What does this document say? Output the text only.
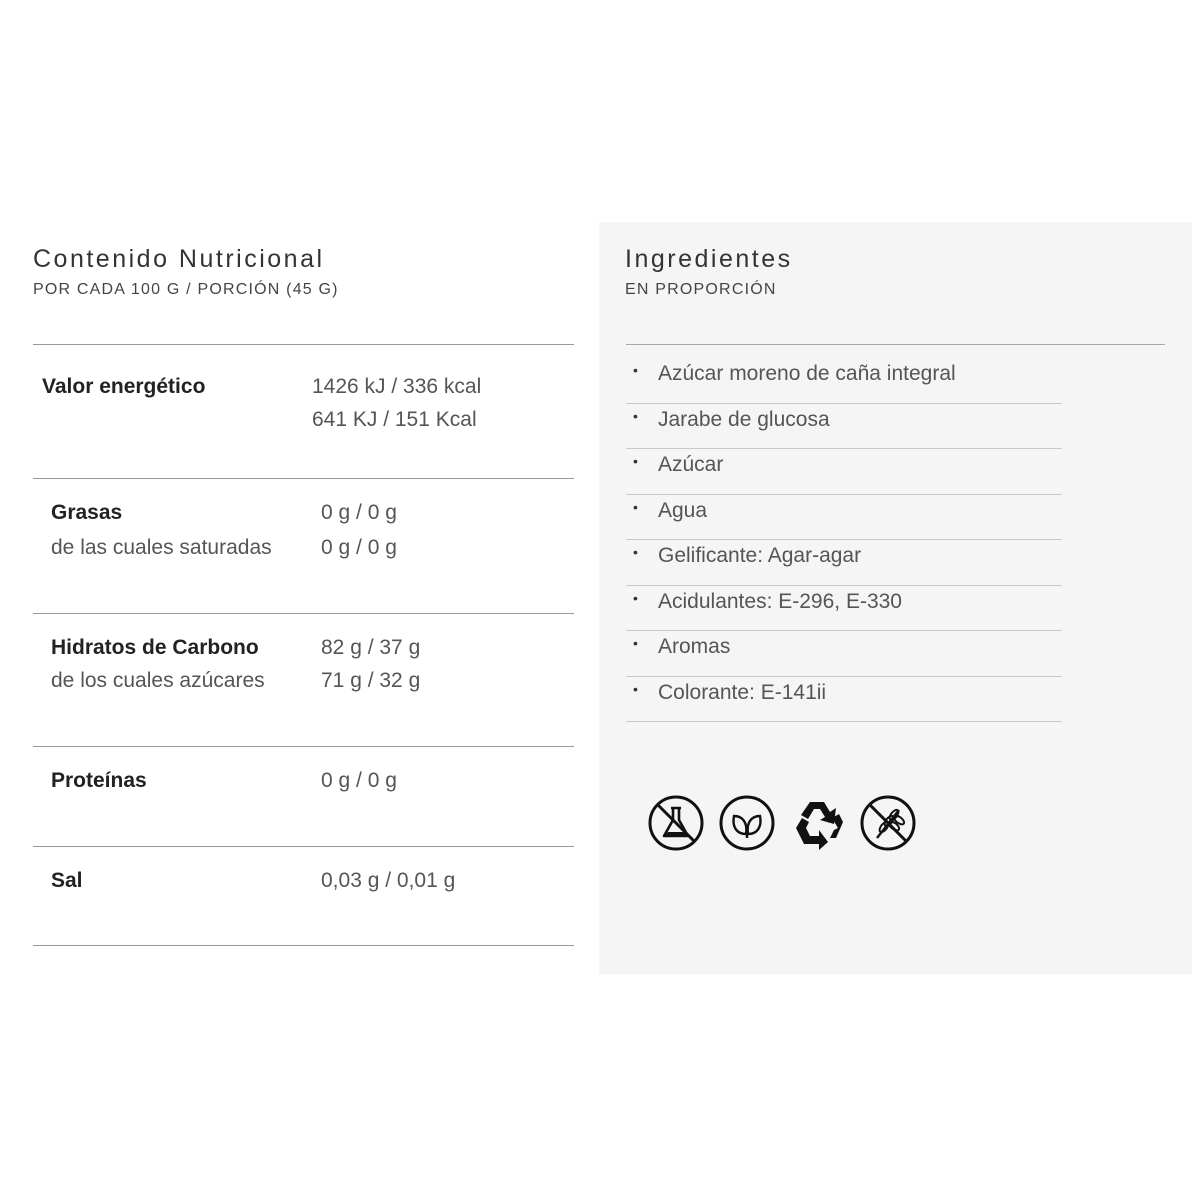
Contenido Nutricional
POR CADA 100 G / PORCIÓN (45 G)
Valor energético	1426 kJ / 336 kcal
641 KJ / 151 Kcal
Grasas	0 g / 0 g
de las cuales saturadas 0 g / 0 g
Hidratos de Carbono	82 g / 37 g
de los cuales azúcares	71 g / 32 g
Proteínas	0 g / 0 g
Sal	0,03 g / 0,01 g
Ingredientes
EN PROPORCIÓN
• Azúcar moreno de caña integral
• Jarabe de glucosa
• Azúcar
• Agua
• Gelificante: Agar-agar
• Acidulantes: E-296, E-330
• Aromas
• Colorante: E-141ii
